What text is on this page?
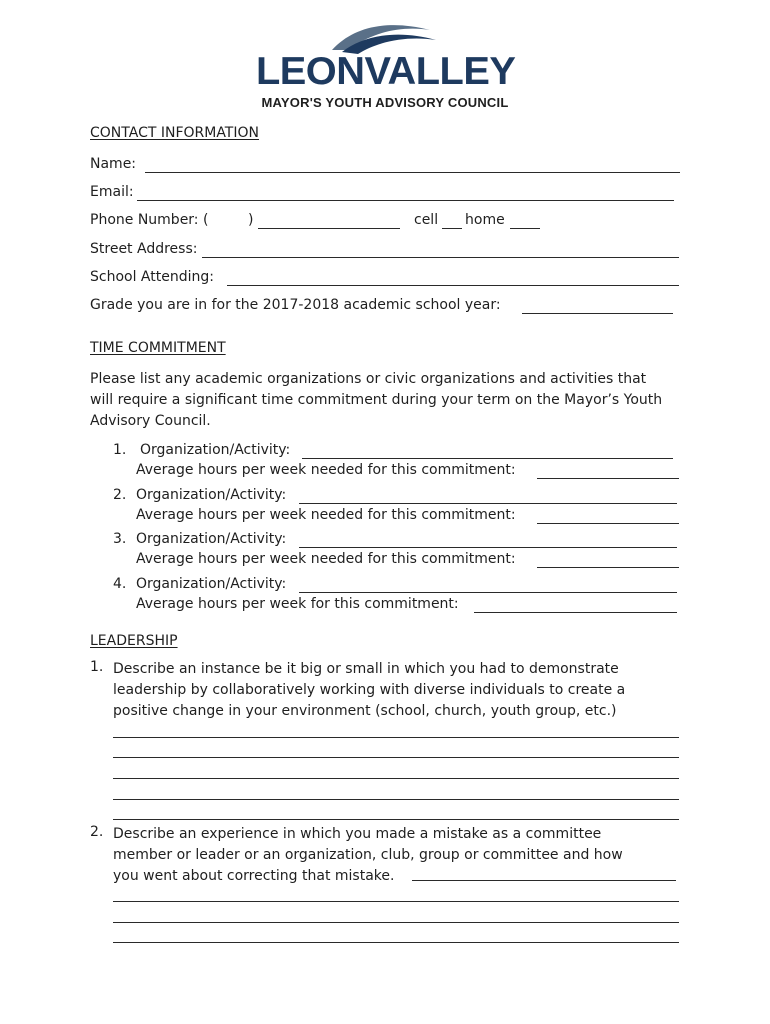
LEONVALLEY
MAYOR'S YOUTH ADVISORY COUNCIL
CONTACT INFORMATION
Name:
Email:
Phone Number: (	)	cell home
Street Address:
School Attending:
Grade you are in for the 2017-2018 academic school year:
TIME COMMITMENT
Please list any academic organizations or civic organizations and activities that
will require a significant time commitment during your term on the Mayor’s Youth
Advisory Council.
1. Organization/Activity:
Average hours per week needed for this commitment:
2. Organization/Activity:
Average hours per week needed for this commitment:
3. Organization/Activity:
Average hours per week needed for this commitment:
4. Organization/Activity:
Average hours per week for this commitment:
LEADERSHIP
1. Describe an instance be it big or small in which you had to demonstrate
leadership by collaboratively working with diverse individuals to create a
positive change in your environment (school, church, youth group, etc.)
2. Describe an experience in which you made a mistake as a committee
member or leader or an organization, club, group or committee and how
you went about correcting that mistake.
